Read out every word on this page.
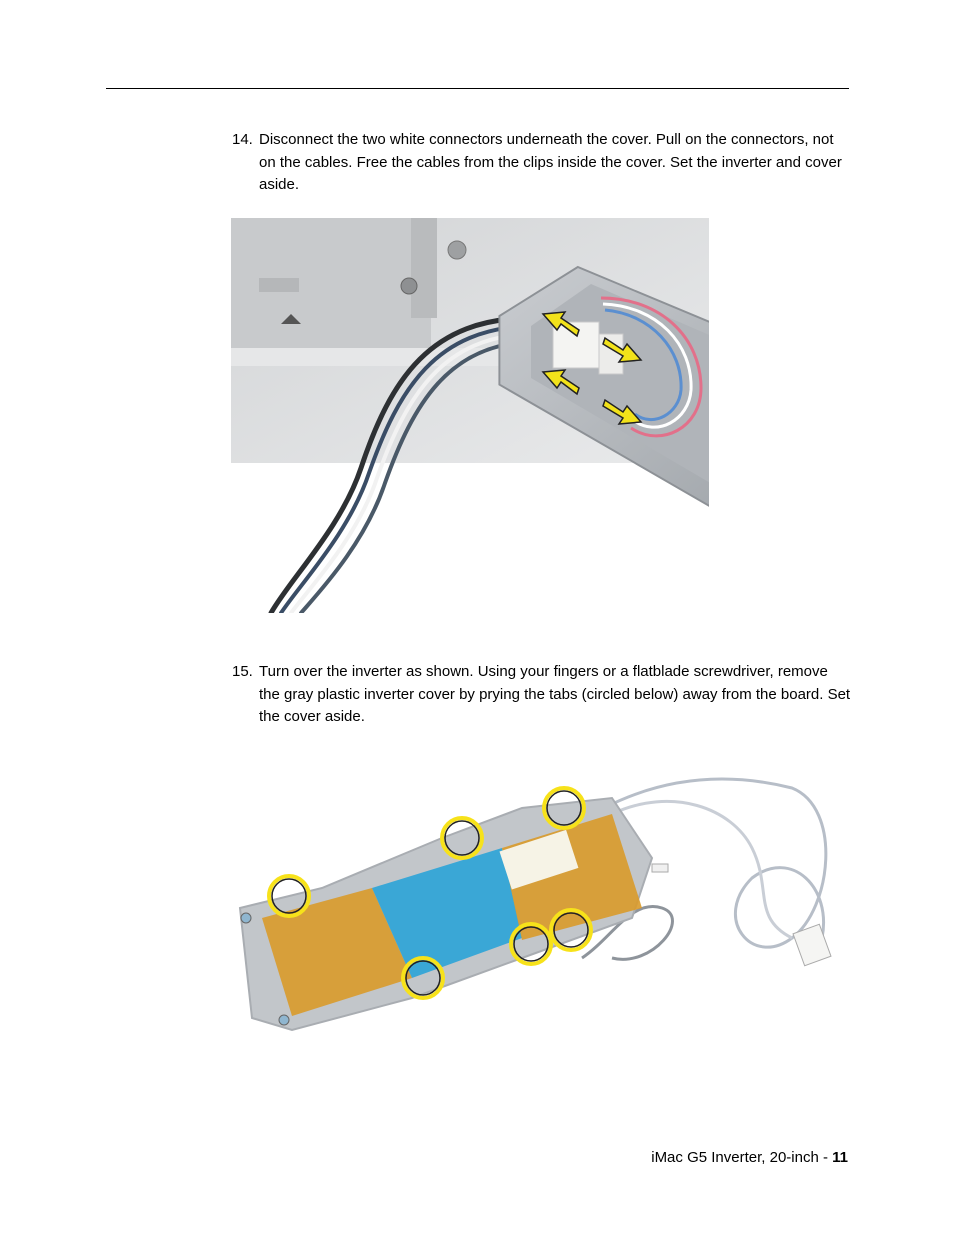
14. Disconnect the two white connectors underneath the cover. Pull on the connectors, not on the cables. Free the cables from the clips inside the cover. Set the inverter and cover aside.
15. Turn over the inverter as shown. Using your fingers or a flatblade screwdriver, remove the gray plastic inverter cover by prying the tabs (circled below) away from the board. Set the cover aside.
iMac G5 Inverter, 20-inch - 11
